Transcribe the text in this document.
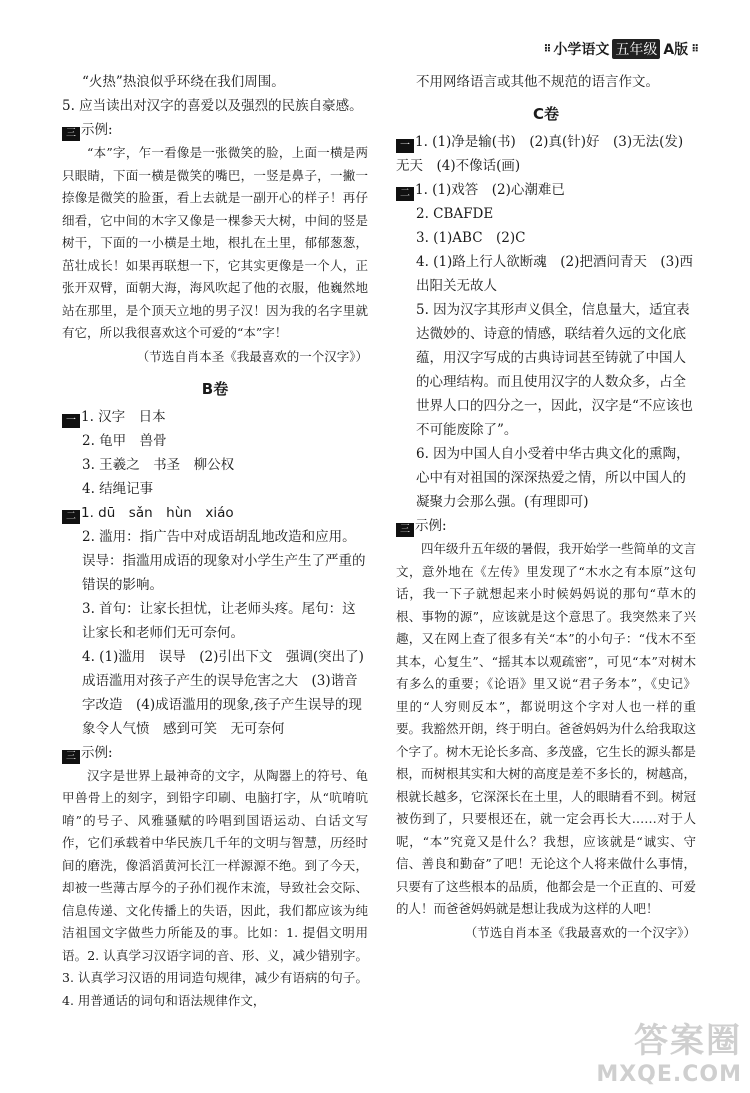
⠿ 小学语文 五年级 A版 ⠿

“火热”热浪似乎环绕在我们周围。

5. 应当读出对汉字的喜爱以及强烈的民族自豪感。

三 示例:

“本”字，乍一看像是一张微笑的脸，上面一横是两只眼睛，下面一横是微笑的嘴巴，一竖是鼻子，一撇一捺像是微笑的脸蛋，看上去就是一副开心的样子！再仔细看，它中间的木字又像是一棵参天大树，中间的竖是树干，下面的一小横是土地，根扎在土里，郁郁葱葱，茁壮成长！如果再联想一下，它其实更像是一个人，正张开双臂，面朝大海，海风吹起了他的衣服，他巍然地站在那里，是个顶天立地的男子汉！因为我的名字里就有它，所以我很喜欢这个可爱的“本”字！

（节选自肖本圣《我最喜欢的一个汉字》）

B卷

一 1. 汉字　日本

2. 龟甲　兽骨

3. 王羲之　书圣　柳公权

4. 结绳记事

二 1. dū　sǎn　hùn　xiáo

2. 滥用：指广告中对成语胡乱地改造和应用。误导：指滥用成语的现象对小学生产生了严重的错误的影响。

3. 首句：让家长担忧，让老师头疼。尾句：这让家长和老师们无可奈何。

4. (1)滥用　误导　(2)引出下文　强调(突出了)成语滥用对孩子产生的误导危害之大　(3)谐音字改造　(4)成语滥用的现象,孩子产生误导的现象令人气愤　感到可笑　无可奈何

三 示例:

汉字是世界上最神奇的文字，从陶器上的符号、龟甲兽骨上的刻字，到铅字印刷、电脑打字，从“吭唷吭唷”的号子、风雅骚赋的吟唱到国语运动、白话文写作，它们承载着中华民族几千年的文明与智慧，历经时间的磨洗，像滔滔黄河长江一样源源不绝。到了今天，却被一些薄古厚今的子孙们视作末流，导致社会交际、信息传递、文化传播上的失语，因此，我们都应该为纯洁祖国文字做些力所能及的事。比如：1. 提倡文明用语。2. 认真学习汉语字词的音、形、义，减少错别字。3. 认真学习汉语的用词造句规律，减少有语病的句子。4. 用普通话的词句和语法规律作文，

不用网络语言或其他不规范的语言作文。

C卷

一 1. (1)净是输(书)　(2)真(针)好　(3)无法(发)无天　(4)不像话(画)

二 1. (1)戏答　(2)心潮难已

2. CBAFDE

3. (1)ABC　(2)C

4. (1)路上行人欲断魂　(2)把酒问青天　(3)西出阳关无故人

5. 因为汉字其形声义俱全，信息量大，适宜表达微妙的、诗意的情感，联结着久远的文化底蕴，用汉字写成的古典诗词甚至铸就了中国人的心理结构。而且使用汉字的人数众多，占全世界人口的四分之一，因此，汉字是“不应该也不可能废除了”。

6. 因为中国人自小受着中华古典文化的熏陶，心中有对祖国的深深热爱之情，所以中国人的凝聚力会那么强。(有理即可)

三 示例:

四年级升五年级的暑假，我开始学一些简单的文言文，意外地在《左传》里发现了“木水之有本原”这句话，我一下子就想起来小时候妈妈说的那句“草木的根、事物的源”，应该就是这个意思了。我突然来了兴趣，又在网上查了很多有关“本”的小句子：“伐木不至其本，心复生”、“摇其本以观疏密”，可见“本”对树木有多么的重要；《论语》里又说“君子务本”，《史记》里的“人穷则反本”，都说明这个字对人也一样的重要。我豁然开朗，终于明白。爸爸妈妈为什么给我取这个字了。树木无论长多高、多茂盛，它生长的源头都是根，而树根其实和大树的高度是差不多长的，树越高，根就长越多，它深深长在土里，人的眼睛看不到。树冠被伤到了，只要根还在，就一定会再长大……对于人呢，“本”究竟又是什么？我想，应该就是“诚实、守信、善良和勤奋”了吧！无论这个人将来做什么事情，只要有了这些根本的品质，他都会是一个正直的、可爱的人！而爸爸妈妈就是想让我成为这样的人吧！

（节选自肖本圣《我最喜欢的一个汉字》）

答案圈
MXQE.COM
